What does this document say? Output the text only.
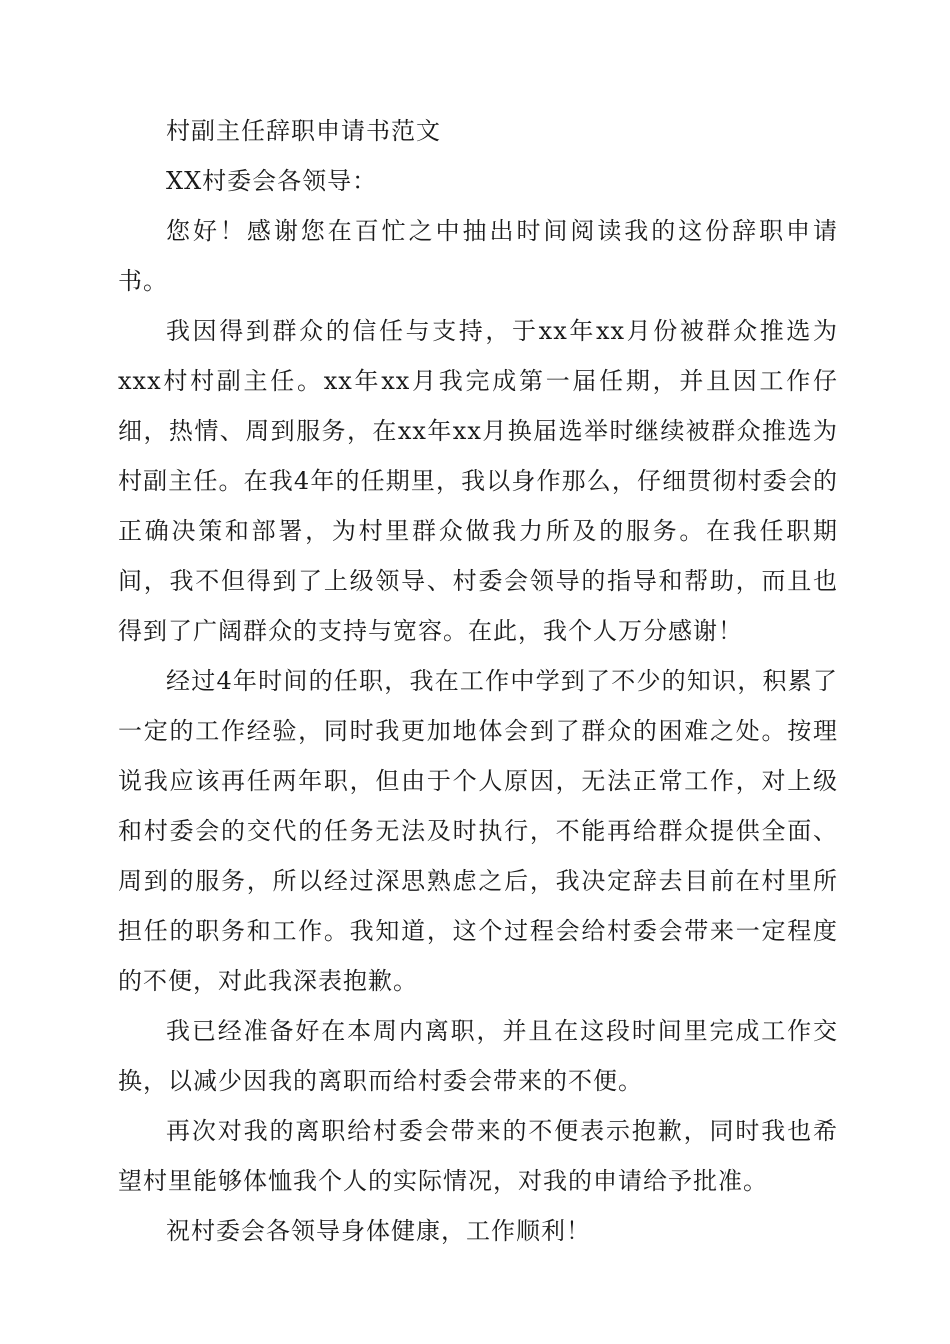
村副主任辞职申请书范文

XX村委会各领导：

您好！感谢您在百忙之中抽出时间阅读我的这份辞职申请书。

我因得到群众的信任与支持，于xx年xx月份被群众推选为xxx村村副主任。xx年xx月我完成第一届任期，并且因工作仔细，热情、周到服务，在xx年xx月换届选举时继续被群众推选为村副主任。在我4年的任期里，我以身作那么，仔细贯彻村委会的正确决策和部署，为村里群众做我力所及的服务。在我任职期间，我不但得到了上级领导、村委会领导的指导和帮助，而且也得到了广阔群众的支持与宽容。在此，我个人万分感谢！

经过4年时间的任职，我在工作中学到了不少的知识，积累了一定的工作经验，同时我更加地体会到了群众的困难之处。按理说我应该再任两年职，但由于个人原因，无法正常工作，对上级和村委会的交代的任务无法及时执行，不能再给群众提供全面、周到的服务，所以经过深思熟虑之后，我决定辞去目前在村里所担任的职务和工作。我知道，这个过程会给村委会带来一定程度的不便，对此我深表抱歉。

我已经准备好在本周内离职，并且在这段时间里完成工作交换，以减少因我的离职而给村委会带来的不便。

再次对我的离职给村委会带来的不便表示抱歉，同时我也希望村里能够体恤我个人的实际情况，对我的申请给予批准。

祝村委会各领导身体健康，工作顺利！
